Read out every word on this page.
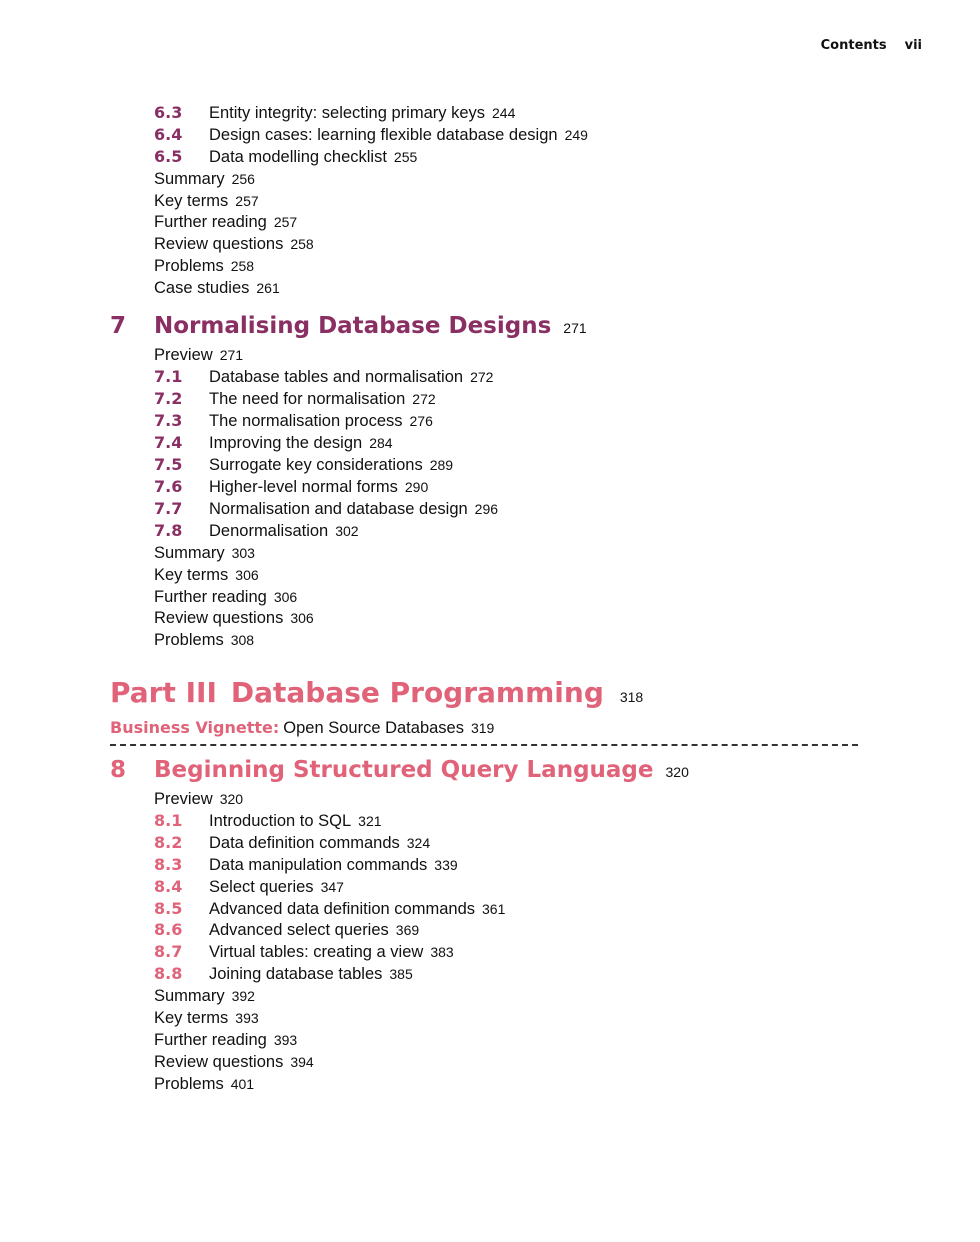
Contents vii
6.3 Entity integrity: selecting primary keys 244
6.4 Design cases: learning flexible database design 249
6.5 Data modelling checklist 255
Summary 256
Key terms 257
Further reading 257
Review questions 258
Problems 258
Case studies 261
7 Normalising Database Designs 271
Preview 271
7.1 Database tables and normalisation 272
7.2 The need for normalisation 272
7.3 The normalisation process 276
7.4 Improving the design 284
7.5 Surrogate key considerations 289
7.6 Higher-level normal forms 290
7.7 Normalisation and database design 296
7.8 Denormalisation 302
Summary 303
Key terms 306
Further reading 306
Review questions 306
Problems 308
Part III Database Programming 318
Business Vignette: Open Source Databases 319
8 Beginning Structured Query Language 320
Preview 320
8.1 Introduction to SQL 321
8.2 Data definition commands 324
8.3 Data manipulation commands 339
8.4 Select queries 347
8.5 Advanced data definition commands 361
8.6 Advanced select queries 369
8.7 Virtual tables: creating a view 383
8.8 Joining database tables 385
Summary 392
Key terms 393
Further reading 393
Review questions 394
Problems 401
